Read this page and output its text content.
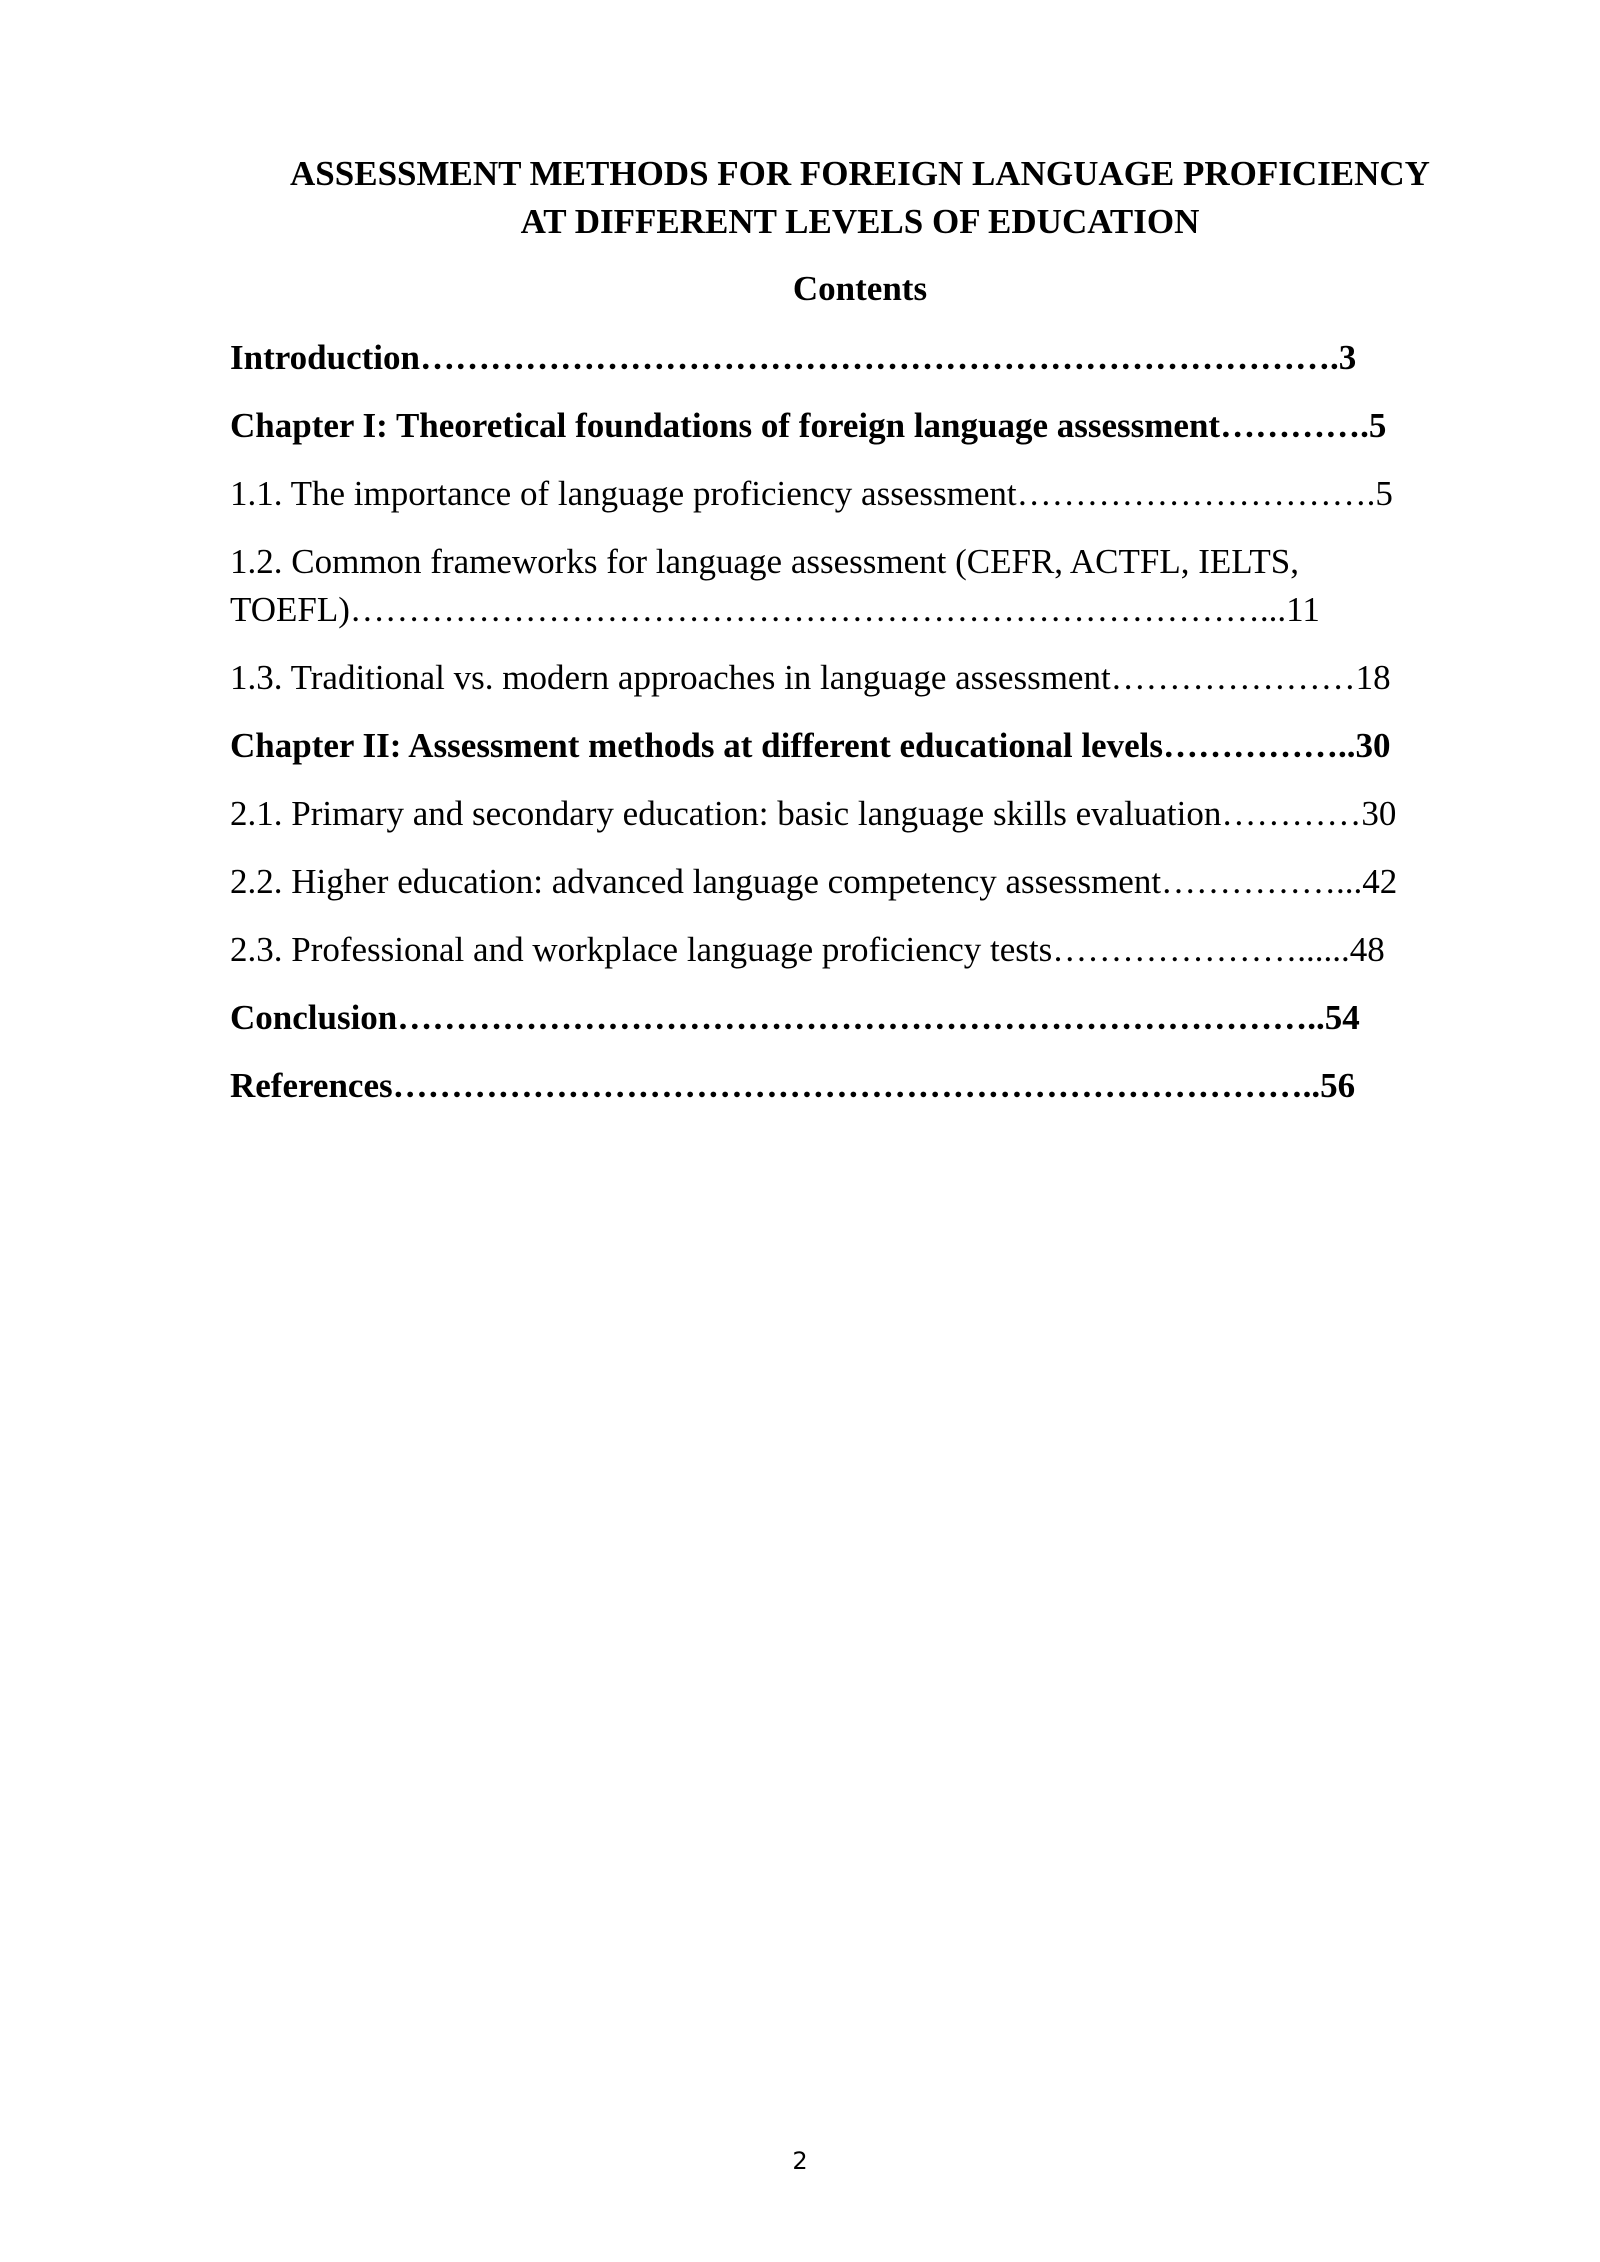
ASSESSMENT METHODS FOR FOREIGN LANGUAGE PROFICIENCY
AT DIFFERENT LEVELS OF EDUCATION
Contents
Introduction…………………………………………………………………….3
Chapter I: Theoretical foundations of foreign language assessment………….5
1.1. The importance of language proficiency assessment………………………….5
1.2. Common frameworks for language assessment (CEFR, ACTFL, IELTS,
TOEFL)……………………………………………………………………...11
1.3. Traditional vs. modern approaches in language assessment…………………18
Chapter II: Assessment methods at different educational levels……………..30
2.1. Primary and secondary education: basic language skills evaluation…………30
2.2. Higher education: advanced language competency assessment……………...42
2.3. Professional and workplace language proficiency tests…………………......48
Conclusion……………………………………………………………………..54
References……………………………………………………………………..56
2
